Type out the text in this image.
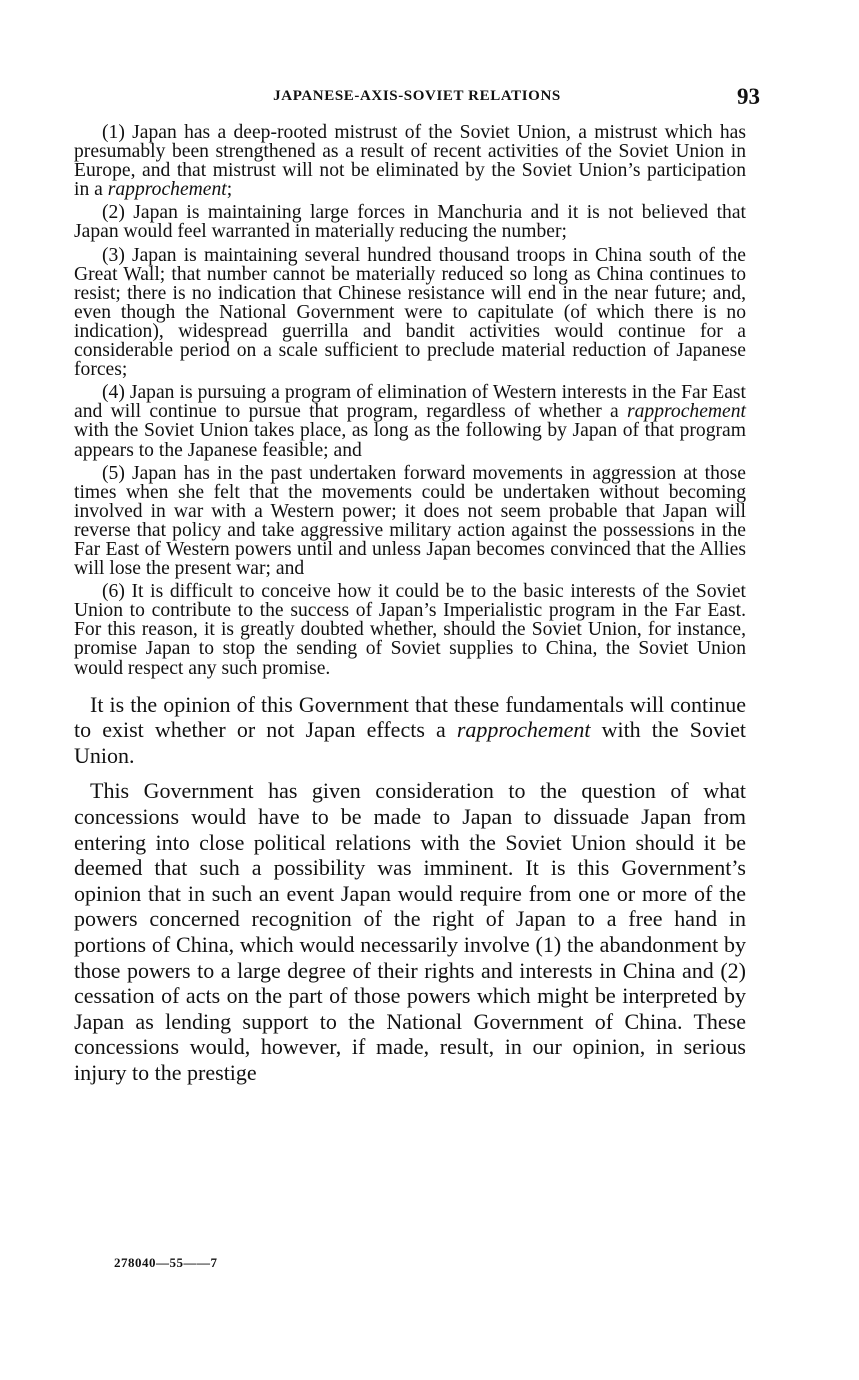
JAPANESE-AXIS-SOVIET RELATIONS	93

(1) Japan has a deep-rooted mistrust of the Soviet Union, a mistrust which has presumably been strengthened as a result of recent activities of the Soviet Union in Europe, and that mistrust will not be eliminated by the Soviet Union’s participation in a rapprochement;

(2) Japan is maintaining large forces in Manchuria and it is not believed that Japan would feel warranted in materially reducing the number;

(3) Japan is maintaining several hundred thousand troops in China south of the Great Wall; that number cannot be materially reduced so long as China continues to resist; there is no indication that Chinese resistance will end in the near future; and, even though the National Government were to capitulate (of which there is no indication), widespread guerrilla and bandit activities would continue for a considerable period on a scale sufficient to preclude material reduction of Japanese forces;

(4) Japan is pursuing a program of elimination of Western interests in the Far East and will continue to pursue that program, regardless of whether a rapprochement with the Soviet Union takes place, as long as the following by Japan of that program appears to the Japanese feasible; and

(5) Japan has in the past undertaken forward movements in aggression at those times when she felt that the movements could be undertaken without becoming involved in war with a Western power; it does not seem probable that Japan will reverse that policy and take aggressive military action against the possessions in the Far East of Western powers until and unless Japan becomes convinced that the Allies will lose the present war; and

(6) It is difficult to conceive how it could be to the basic interests of the Soviet Union to contribute to the success of Japan’s Imperialistic program in the Far East. For this reason, it is greatly doubted whether, should the Soviet Union, for instance, promise Japan to stop the sending of Soviet supplies to China, the Soviet Union would respect any such promise.

It is the opinion of this Government that these fundamentals will continue to exist whether or not Japan effects a rapprochement with the Soviet Union.

This Government has given consideration to the question of what concessions would have to be made to Japan to dissuade Japan from entering into close political relations with the Soviet Union should it be deemed that such a possibility was imminent. It is this Government’s opinion that in such an event Japan would require from one or more of the powers concerned recognition of the right of Japan to a free hand in portions of China, which would necessarily involve (1) the abandonment by those powers to a large degree of their rights and interests in China and (2) cessation of acts on the part of those powers which might be interpreted by Japan as lending support to the National Government of China. These concessions would, however, if made, result, in our opinion, in serious injury to the prestige

278040—55——7
